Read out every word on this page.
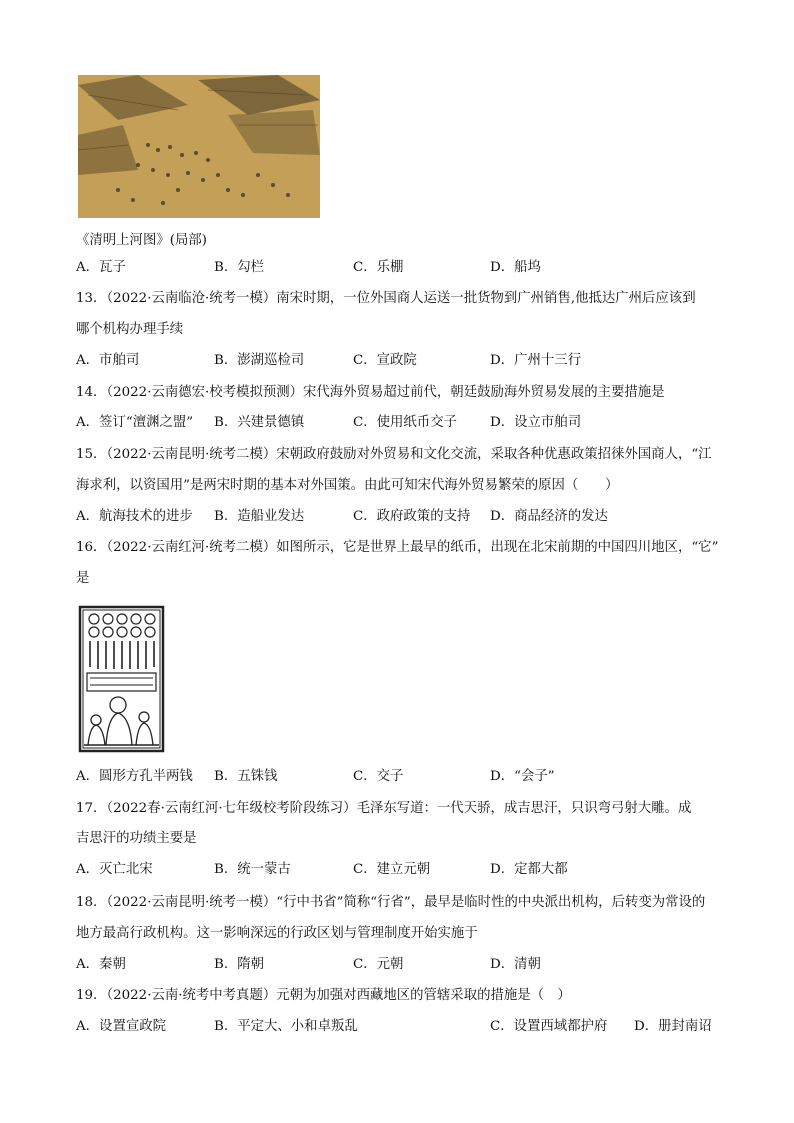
《清明上河图》(局部)
A．瓦子	B．勾栏	C．乐棚	D．船坞
13．（2022·云南临沧·统考一模）南宋时期，一位外国商人运送一批货物到广州销售,他抵达广州后应该到
哪个机构办理手续
A．市舶司	B．澎湖巡检司	C．宣政院	D．广州十三行
14．（2022·云南德宏·校考模拟预测）宋代海外贸易超过前代，朝廷鼓励海外贸易发展的主要措施是
A．签订“澶渊之盟” B．兴建景德镇	C．使用纸币交子 D．设立市舶司
15．（2022·云南昆明·统考二模）宋朝政府鼓励对外贸易和文化交流，采取各种优惠政策招徕外国商人，“江
海求利，以资国用”是两宋时期的基本对外国策。由此可知宋代海外贸易繁荣的原因（　　）
A．航海技术的进步 B．造船业发达	C．政府政策的支持 D．商品经济的发达
16．（2022·云南红河·统考二模）如图所示，它是世界上最早的纸币，出现在北宋前期的中国四川地区，“它”
是
A．圆形方孔半两钱 B．五铢钱	C．交子	D．“会子”
17．（2022春·云南红河·七年级校考阶段练习）毛泽东写道：一代天骄，成吉思汗，只识弯弓射大雕。成
吉思汗的功绩主要是
A．灭亡北宋	B．统一蒙古	C．建立元朝	D．定都大都
18．（2022·云南昆明·统考一模）“行中书省”简称“行省”，最早是临时性的中央派出机构，后转变为常设的
地方最高行政机构。这一影响深远的行政区划与管理制度开始实施于
A．秦朝	B．隋朝	C．元朝	D．清朝
19．（2022·云南·统考中考真题）元朝为加强对西藏地区的管辖采取的措施是（　）
A．设置宣政院	B．平定大、小和卓叛乱	C．设置西域都护府 D．册封南诏
